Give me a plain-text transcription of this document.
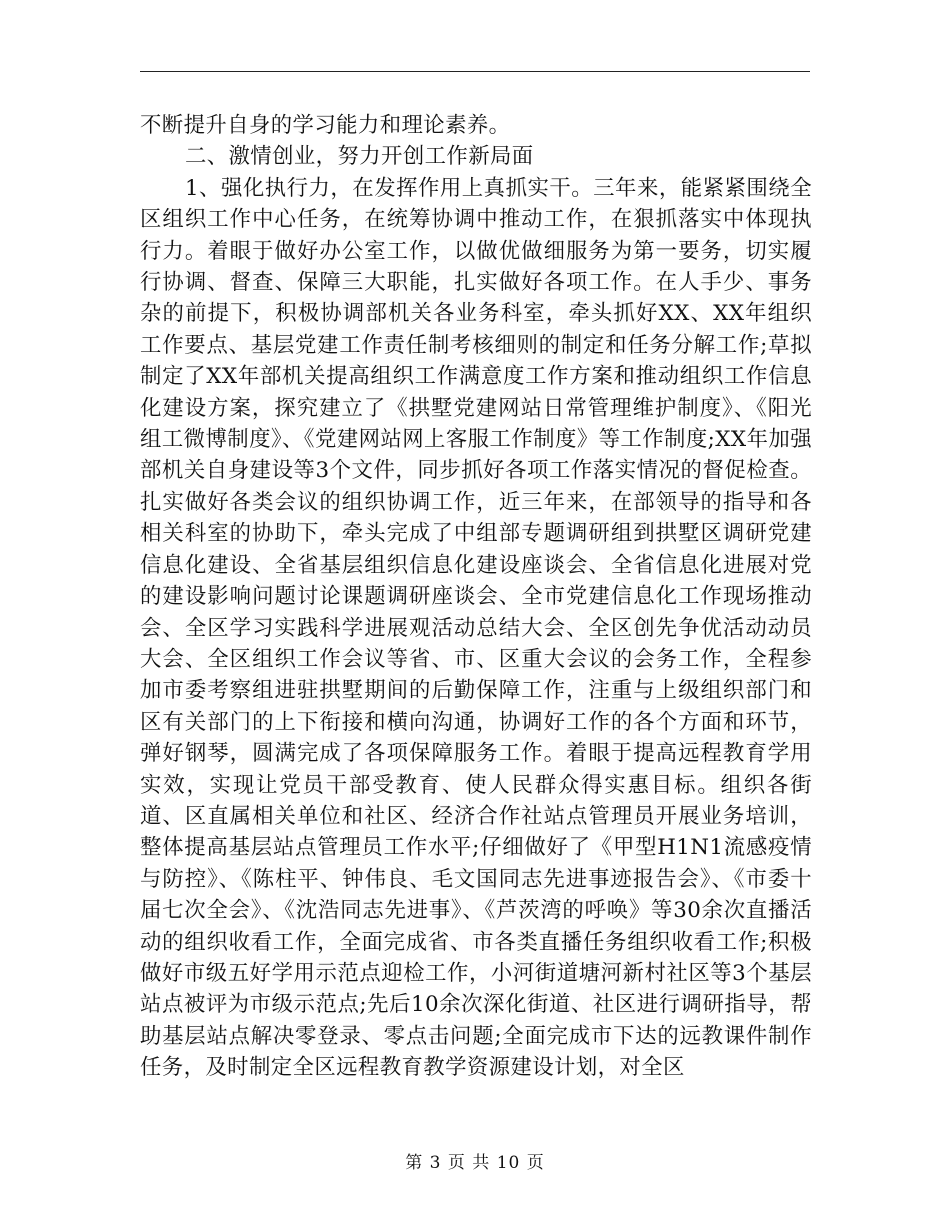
不断提升自身的学习能力和理论素养。

二、激情创业，努力开创工作新局面

1、强化执行力，在发挥作用上真抓实干。三年来，能紧紧围绕全区组织工作中心任务，在统筹协调中推动工作，在狠抓落实中体现执行力。着眼于做好办公室工作，以做优做细服务为第一要务，切实履行协调、督查、保障三大职能，扎实做好各项工作。在人手少、事务杂的前提下，积极协调部机关各业务科室，牵头抓好XX、XX年组织工作要点、基层党建工作责任制考核细则的制定和任务分解工作;草拟制定了XX年部机关提高组织工作满意度工作方案和推动组织工作信息化建设方案，探究建立了《拱墅党建网站日常管理维护制度》、《阳光组工微博制度》、《党建网站网上客服工作制度》等工作制度;XX年加强部机关自身建设等3个文件，同步抓好各项工作落实情况的督促检查。扎实做好各类会议的组织协调工作，近三年来，在部领导的指导和各相关科室的协助下，牵头完成了中组部专题调研组到拱墅区调研党建信息化建设、全省基层组织信息化建设座谈会、全省信息化进展对党的建设影响问题讨论课题调研座谈会、全市党建信息化工作现场推动会、全区学习实践科学进展观活动总结大会、全区创先争优活动动员大会、全区组织工作会议等省、市、区重大会议的会务工作，全程参加市委考察组进驻拱墅期间的后勤保障工作，注重与上级组织部门和区有关部门的上下衔接和横向沟通，协调好工作的各个方面和环节，弹好钢琴，圆满完成了各项保障服务工作。着眼于提高远程教育学用实效，实现让党员干部受教育、使人民群众得实惠目标。组织各街道、区直属相关单位和社区、经济合作社站点管理员开展业务培训，整体提高基层站点管理员工作水平;仔细做好了《甲型H1N1流感疫情与防控》、《陈柱平、钟伟良、毛文国同志先进事迹报告会》、《市委十届七次全会》、《沈浩同志先进事》、《芦茨湾的呼唤》等30余次直播活动的组织收看工作，全面完成省、市各类直播任务组织收看工作;积极做好市级五好学用示范点迎检工作，小河街道塘河新村社区等3个基层站点被评为市级示范点;先后10余次深化街道、社区进行调研指导，帮助基层站点解决零登录、零点击问题;全面完成市下达的远教课件制作任务，及时制定全区远程教育教学资源建设计划，对全区

第 3 页 共 10 页
